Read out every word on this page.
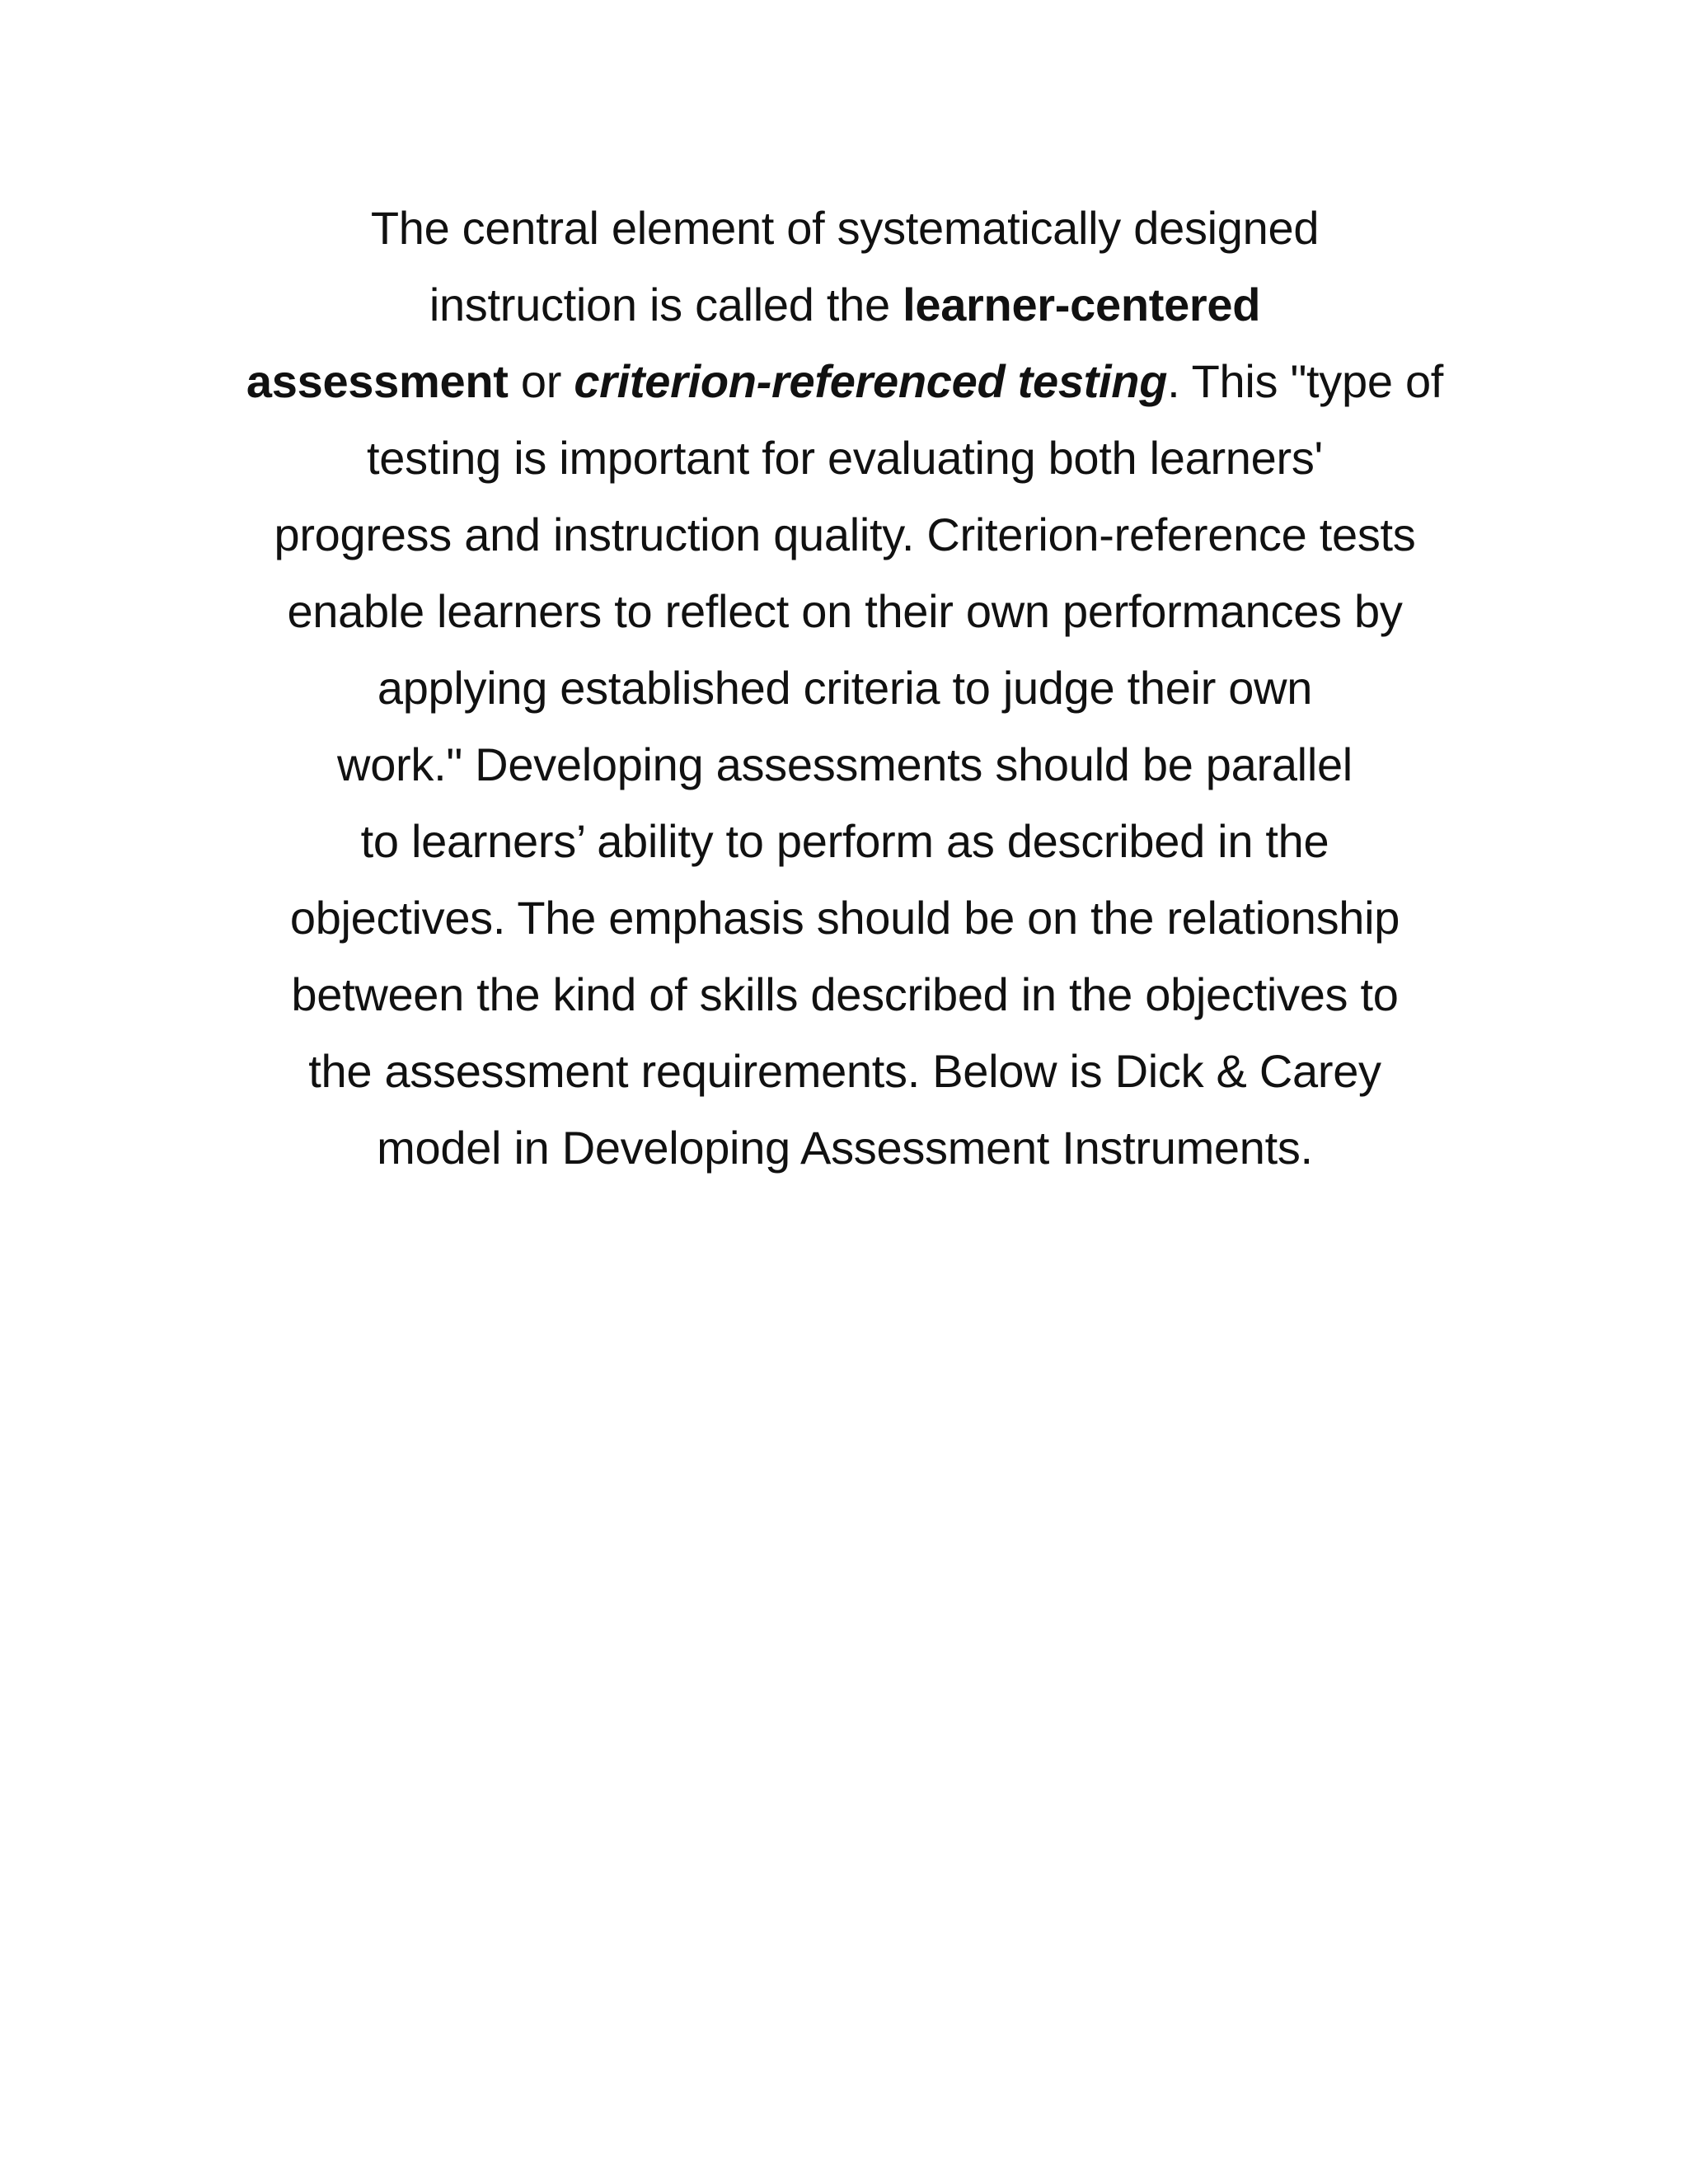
The central element of systematically designed
instruction is called the learner-centered
assessment or criterion-referenced testing. This "type of
testing is important for evaluating both learners'
progress and instruction quality. Criterion-reference tests
enable learners to reflect on their own performances by
applying established criteria to judge their own
work." Developing assessments should be parallel
to learners’ ability to perform as described in the
objectives. The emphasis should be on the relationship
between the kind of skills described in the objectives to
the assessment requirements. Below is Dick & Carey
model in Developing Assessment Instruments.
